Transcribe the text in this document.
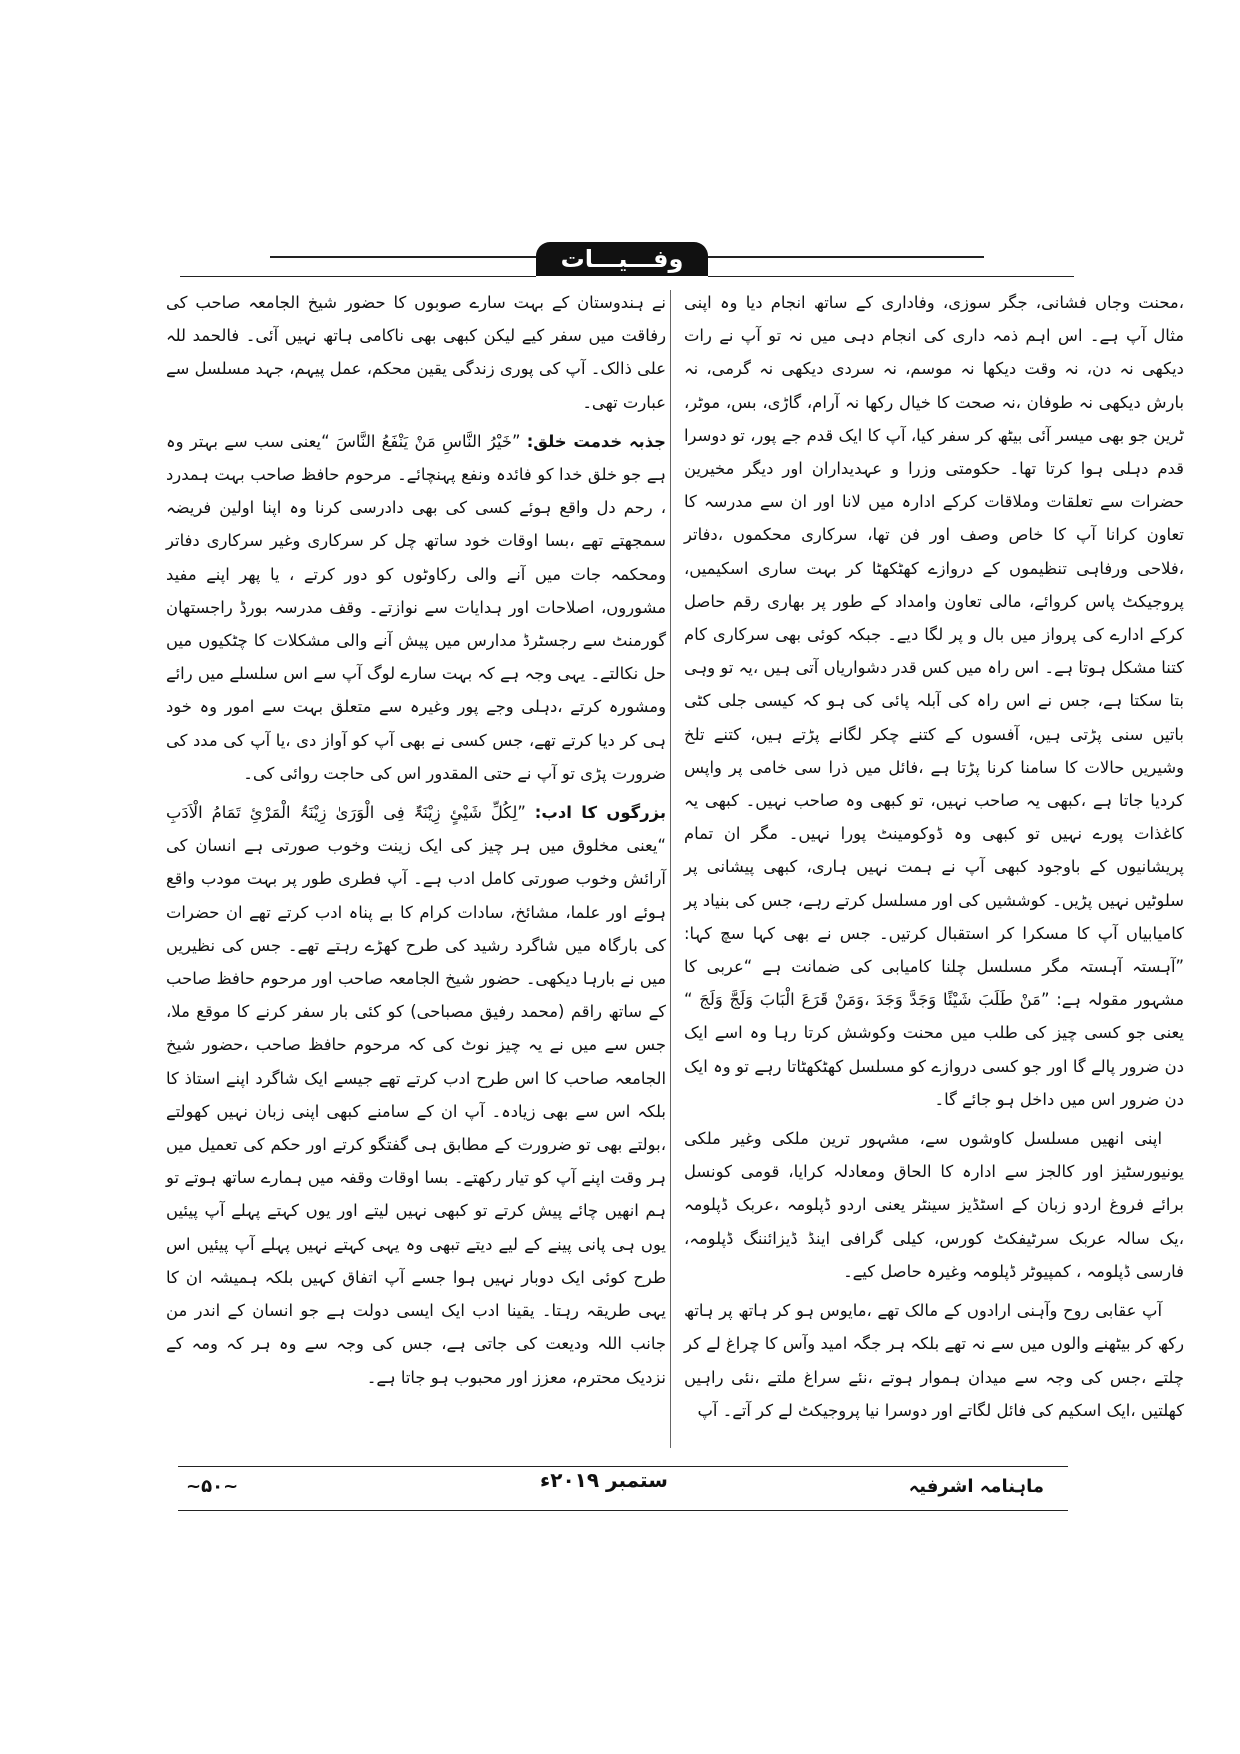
وفـــیـــات

،محنت وجاں فشانی، جگر سوزی، وفاداری کے ساتھ انجام دیا وہ اپنی مثال آپ ہے۔ اس اہم ذمہ داری کی انجام دہی میں نہ تو آپ نے رات دیکھی نہ دن، نہ وقت دیکھا نہ موسم، نہ سردی دیکھی نہ گرمی، نہ بارش دیکھی نہ طوفان ،نہ صحت کا خیال رکھا نہ آرام، گاڑی، بس، موٹر، ٹرین جو بھی میسر آئی بیٹھ کر سفر کیا، آپ کا ایک قدم جے پور، تو دوسرا قدم دہلی ہوا کرتا تھا۔ حکومتی وزرا و عہدیداران اور دیگر مخیرین حضرات سے تعلقات وملاقات کرکے ادارہ میں لانا اور ان سے مدرسہ کا تعاون کرانا آپ کا خاص وصف اور فن تھا، سرکاری محکموں ،دفاتر ،فلاحی ورفاہی تنظیموں کے دروازے کھٹکھٹا کر بہت ساری اسکیمیں، پروجیکٹ پاس کروائے، مالی تعاون وامداد کے طور پر بھاری رقم حاصل کرکے ادارے کی پرواز میں بال و پر لگا دیے۔ جبکہ کوئی بھی سرکاری کام کتنا مشکل ہوتا ہے۔ اس راہ میں کس قدر دشواریاں آتی ہیں ،یہ تو وہی بتا سکتا ہے، جس نے اس راہ کی آبلہ پائی کی ہو کہ کیسی جلی کٹی باتیں سنی پڑتی ہیں، آفسوں کے کتنے چکر لگانے پڑتے ہیں، کتنے تلخ وشیریں حالات کا سامنا کرنا پڑتا ہے ،فائل میں ذرا سی خامی پر واپس کردیا جاتا ہے ،کبھی یہ صاحب نہیں، تو کبھی وہ صاحب نہیں۔ کبھی یہ کاغذات پورے نہیں تو کبھی وہ ڈوکومینٹ پورا نہیں۔ مگر ان تمام پریشانیوں کے باوجود کبھی آپ نے ہمت نہیں ہاری، کبھی پیشانی پر سلوٹیں نہیں پڑیں۔ کوششیں کی اور مسلسل کرتے رہے، جس کی بنیاد پر کامیابیاں آپ کا مسکرا کر استقبال کرتیں۔ جس نے بھی کہا سچ کہا: ”آہستہ آہستہ مگر مسلسل چلنا کامیابی کی ضمانت ہے “عربی کا مشہور مقولہ ہے: ”مَنْ طَلَبَ شَیْئًا وَجَدَّ وَجَدَ ،وَمَنْ قَرَعَ الْبَابَ وَلَجَّ وَلَجَ “ یعنی جو کسی چیز کی طلب میں محنت وکوشش کرتا رہا وہ اسے ایک دن ضرور پالے گا اور جو کسی دروازے کو مسلسل کھٹکھٹاتا رہے تو وہ ایک دن ضرور اس میں داخل ہو جائے گا۔

اپنی انھیں مسلسل کاوشوں سے، مشہور ترین ملکی وغیر ملکی یونیورسٹیز اور کالجز سے ادارہ کا الحاق ومعادلہ کرایا، قومی کونسل برائے فروغ اردو زبان کے اسٹڈیز سینٹر یعنی اردو ڈپلومہ ،عربک ڈپلومہ ،یک سالہ عربک سرٹیفکٹ کورس، کیلی گرافی اینڈ ڈیزائننگ ڈپلومہ، فارسی ڈپلومہ ، کمپیوٹر ڈپلومہ وغیرہ حاصل کیے۔

آپ عقابی روح وآہنی ارادوں کے مالک تھے ،مایوس ہو کر ہاتھ پر ہاتھ رکھ کر بیٹھنے والوں میں سے نہ تھے بلکہ ہر جگہ امید وآس کا چراغ لے کر چلتے ،جس کی وجہ سے میدان ہموار ہوتے ،نئے سراغ ملتے ،نئی راہیں کھلتیں ،ایک اسکیم کی فائل لگاتے اور دوسرا نیا پروجیکٹ لے کر آتے۔ آپ

نے ہندوستان کے بہت سارے صوبوں کا حضور شیخ الجامعہ صاحب کی رفاقت میں سفر کیے لیکن کبھی بھی ناکامی ہاتھ نہیں آئی۔ فالحمد للہ علی ذالک۔ آپ کی پوری زندگی یقین محکم، عمل پیہم، جہد مسلسل سے عبارت تھی۔

جذبہ خدمت خلق: ”خَیْرُ النَّاسِ مَنْ یَنْفَعُ النَّاسَ “یعنی سب سے بہتر وہ ہے جو خلق خدا کو فائدہ ونفع پہنچائے۔ مرحوم حافظ صاحب بہت ہمدرد ، رحم دل واقع ہوئے کسی کی بھی دادرسی کرنا وہ اپنا اولین فریضہ سمجھتے تھے ،بسا اوقات خود ساتھ چل کر سرکاری وغیر سرکاری دفاتر ومحکمہ جات میں آنے والی رکاوٹوں کو دور کرتے ، یا پھر اپنے مفید مشوروں، اصلاحات اور ہدایات سے نوازتے۔ وقف مدرسہ بورڈ راجستھان گورمنٹ سے رجسٹرڈ مدارس میں پیش آنے والی مشکلات کا چٹکیوں میں حل نکالتے۔ یہی وجہ ہے کہ بہت سارے لوگ آپ سے اس سلسلے میں رائے ومشورہ کرتے ،دہلی وجے پور وغیرہ سے متعلق بہت سے امور وہ خود ہی کر دیا کرتے تھے، جس کسی نے بھی آپ کو آواز دی ،یا آپ کی مدد کی ضرورت پڑی تو آپ نے حتی المقدور اس کی حاجت روائی کی۔

بزرگوں کا ادب: ”لِکُلِّ شَیْئٍ زِیْنَۃٌ فِی الْوَرَیٰ زِیْنَۃُ الْمَرْئِ تَمَامُ الْاَدَبِ “یعنی مخلوق میں ہر چیز کی ایک زینت وخوب صورتی ہے انسان کی آرائش وخوب صورتی کامل ادب ہے۔ آپ فطری طور پر بہت مودب واقع ہوئے اور علما، مشائخ، سادات کرام کا بے پناہ ادب کرتے تھے ان حضرات کی بارگاہ میں شاگرد رشید کی طرح کھڑے رہتے تھے۔ جس کی نظیریں میں نے بارہا دیکھی۔ حضور شیخ الجامعہ صاحب اور مرحوم حافظ صاحب کے ساتھ راقم (محمد رفیق مصباحی) کو کئی بار سفر کرنے کا موقع ملا، جس سے میں نے یہ چیز نوٹ کی کہ مرحوم حافظ صاحب ،حضور شیخ الجامعہ صاحب کا اس طرح ادب کرتے تھے جیسے ایک شاگرد اپنے استاذ کا بلکہ اس سے بھی زیادہ۔ آپ ان کے سامنے کبھی اپنی زبان نہیں کھولتے ،بولتے بھی تو ضرورت کے مطابق ہی گفتگو کرتے اور حکم کی تعمیل میں ہر وقت اپنے آپ کو تیار رکھتے۔ بسا اوقات وقفہ میں ہمارے ساتھ ہوتے تو ہم انھیں چائے پیش کرتے تو کبھی نہیں لیتے اور یوں کہتے پہلے آپ پیئیں یوں ہی پانی پینے کے لیے دیتے تبھی وہ یہی کہتے نہیں پہلے آپ پیئیں اس طرح کوئی ایک دوبار نہیں ہوا جسے آپ اتفاق کہیں بلکہ ہمیشہ ان کا یہی طریقہ رہتا۔ یقینا ادب ایک ایسی دولت ہے جو انسان کے اندر من جانب اللہ ودیعت کی جاتی ہے، جس کی وجہ سے وہ ہر کہ ومہ کے نزدیک محترم، معزز اور محبوب ہو جاتا ہے۔

ماہنامہ اشرفیہ
ستمبر ۲۰۱۹ء
~۵۰~
